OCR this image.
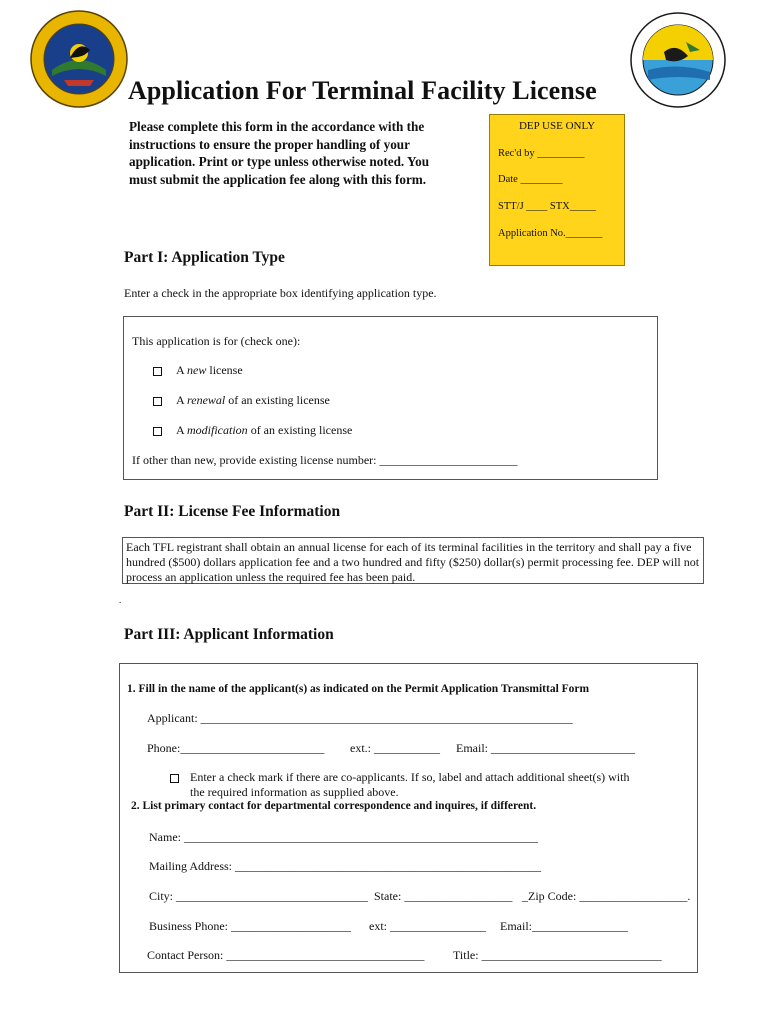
Application For Terminal Facility License
Please complete this form in the accordance with the instructions to ensure the proper handling of your application. Print or type unless otherwise noted. You must submit the application fee along with this form.
DEP USE ONLY
Rec'd by _________
Date ________
STT/J ____ STX_____
Application No._______
Part I: Application Type
Enter a check in the appropriate box identifying application type.
This application is for (check one):
A new license
A renewal of an existing license
A modification of an existing license
If other than new, provide existing license number: _______________________
Part II: License Fee Information
Each TFL registrant shall obtain an annual license for each of its terminal facilities in the territory and shall pay a five hundred ($500) dollars application fee and a two hundred and fifty ($250) dollar(s) permit processing fee. DEP will not process an application unless the required fee has been paid.
.
Part III: Applicant Information
1. Fill in the name of the applicant(s) as indicated on the Permit Application Transmittal Form
Applicant: ______________________________________________________________
Phone:________________________ ext.: ___________ Email: ________________________
Enter a check mark if there are co-applicants. If so, label and attach additional sheet(s) with
the required information as supplied above.
2. List primary contact for departmental correspondence and inquires, if different.
Name: ___________________________________________________________
Mailing Address: ___________________________________________________
City: ________________________________ State: __________________ _Zip Code: __________________.
Business Phone: ____________________ ext: ________________ Email:________________
Contact Person: _________________________________ Title: ______________________________
